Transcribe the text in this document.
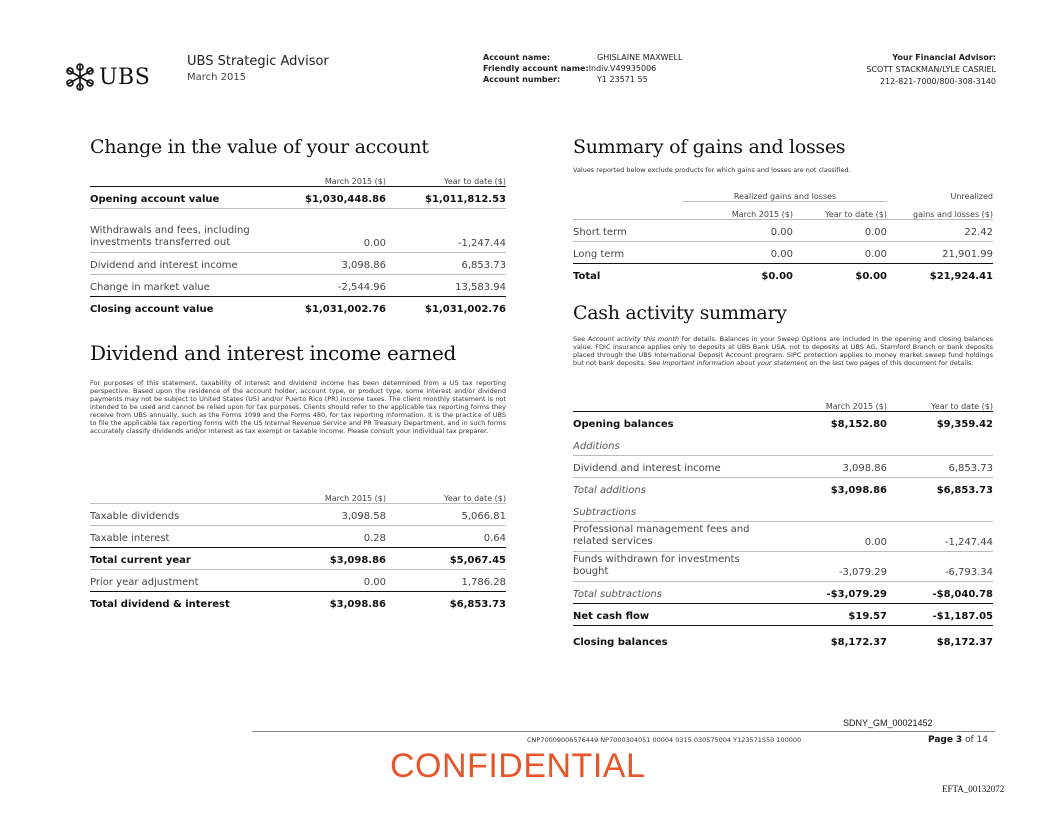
UBS
UBS Strategic Advisor
March 2015
Account name:	GHISLAINE MAXWELL
Friendly account name: Indiv.V49935006
Account number:	Y1 23571 55
Your Financial Advisor:
SCOTT STACKMAN/LYLE CASRIEL
212-821-7000/800-308-3140
Change in the value of your account
	March 2015 ($)	Year to date ($)
Opening account value	$1,030,448.86	$1,011,812.53
Withdrawals and fees, including investments transferred out	0.00	-1,247.44
Dividend and interest income	3,098.86	6,853.73
Change in market value	-2,544.96	13,583.94
Closing account value	$1,031,002.76	$1,031,002.76
Dividend and interest income earned
For purposes of this statement, taxability of interest and dividend income has been determined from a US tax reporting perspective. Based upon the residence of the account holder, account type, or product type, some interest and/or dividend payments may not be subject to United States (US) and/or Puerto Rico (PR) income taxes. The client monthly statement is not intended to be used and cannot be relied upon for tax purposes. Clients should refer to the applicable tax reporting forms they receive from UBS annually, such as the Forms 1099 and the Forms 480, for tax reporting information. It is the practice of UBS to file the applicable tax reporting forms with the US Internal Revenue Service and PR Treasury Department, and in such forms accurately classify dividends and/or interest as tax exempt or taxable income. Please consult your individual tax preparer.
	March 2015 ($)	Year to date ($)
Taxable dividends	3,098.58	5,066.81
Taxable interest	0.28	0.64
Total current year	$3,098.86	$5,067.45
Prior year adjustment	0.00	1,786.28
Total dividend & interest	$3,098.86	$6,853.73
Summary of gains and losses
Values reported below exclude products for which gains and losses are not classified.
	Realized gains and losses		Unrealized
	March 2015 ($)	Year to date ($)	gains and losses ($)
Short term	0.00	0.00	22.42
Long term	0.00	0.00	21,901.99
Total	$0.00	$0.00	$21,924.41
Cash activity summary
See Account activity this month for details. Balances in your Sweep Options are included in the opening and closing balances value. FDIC insurance applies only to deposits at UBS Bank USA, not to deposits at UBS AG, Stamford Branch or bank deposits placed through the UBS International Deposit Account program. SIPC protection applies to money market sweep fund holdings but not bank deposits. See Important information about your statement on the last two pages of this document for details.
	March 2015 ($)	Year to date ($)
Opening balances	$8,152.80	$9,359.42
Additions		
Dividend and interest income	3,098.86	6,853.73
Total additions	$3,098.86	$6,853.73
Subtractions		
Professional management fees and related services	0.00	-1,247.44
Funds withdrawn for investments bought	-3,079.29	-6,793.34
Total subtractions	-$3,079.29	-$8,040.78
Net cash flow	$19.57	-$1,187.05
Closing balances	$8,172.37	$8,172.37
SDNY_GM_00021452
CNP70009006576449 NP7000304051 00004 0315 030575004 Y123571S50 100000	Page 3 of 14
CONFIDENTIAL
EFTA_00132072
